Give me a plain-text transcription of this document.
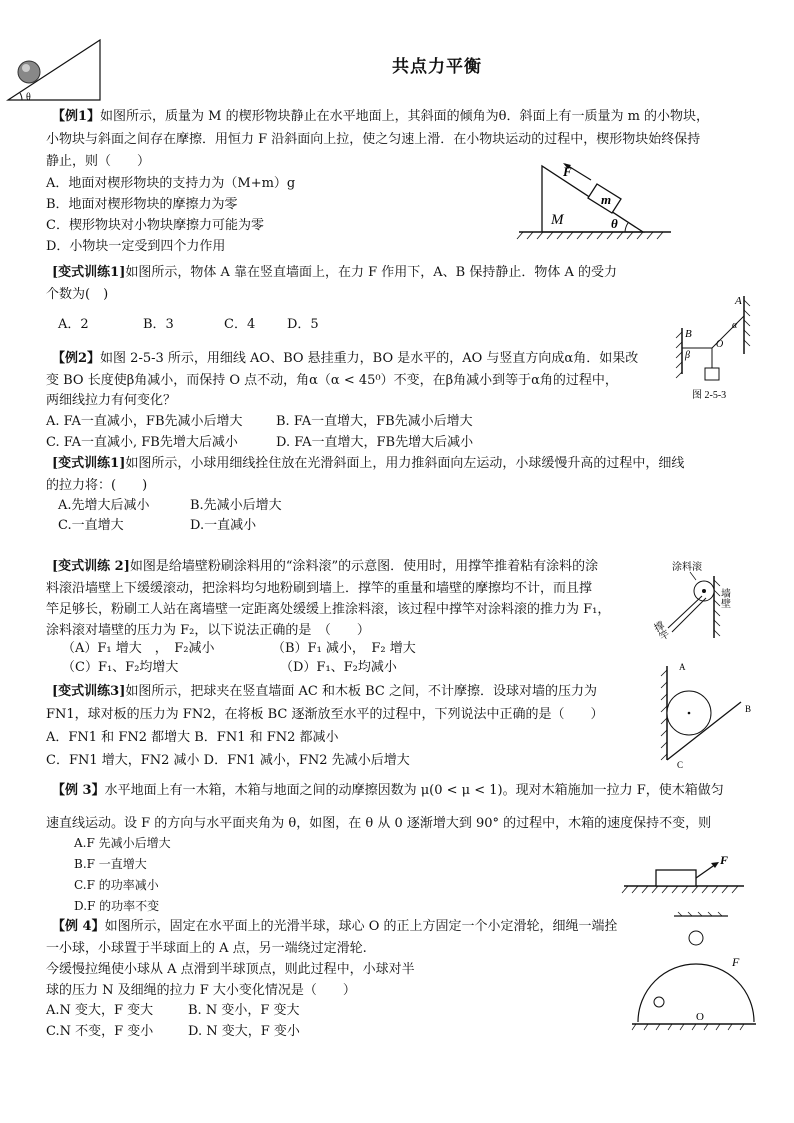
θ
共点力平衡
【例1】如图所示，质量为 M 的楔形物块静止在水平地面上，其斜面的倾角为θ．斜面上有一质量为 m 的小物块，
小物块与斜面之间存在摩擦．用恒力 F 沿斜面向上拉，使之匀速上滑．在小物块运动的过程中，楔形物块始终保持
静止，则（　　）
A．地面对楔形物块的支持力为（M+m）g
B．地面对楔形物块的摩擦力为零
C．楔形物块对小物块摩擦力可能为零
D．小物块一定受到四个力作用
F
m
M	θ
[变式训练1]如图所示，物体 A 靠在竖直墙面上，在力 F 作用下，A、B 保持静止．物体 A 的受力
个数为(　)
A．2	B．3	C．4 D．5
A
B
α
β
O
图 2-5-3
【例2】如图 2-5-3 所示，用细线 AO、BO 悬挂重力，BO 是水平的，AO 与竖直方向成α角．如果改
变 BO 长度使β角减小，而保持 O 点不动，角α（α < 45⁰）不变，在β角减小到等于α角的过程中，
两细线拉力有何变化？
A. FA一直减小，FB先减小后增大	B. FA一直增大，FB先减小后增大
C. FA一直减小, FB先增大后减小	D. FA一直增大，FB先增大后减小
[变式训练1]如图所示，小球用细线拴住放在光滑斜面上，用力推斜面向左运动，小球缓慢升高的过程中，细线
的拉力将：(　　)
A.先增大后减小	B.先减小后增大
C.一直增大	D.一直减小
[变式训练 2]如图是给墙壁粉刷涂料用的“涂料滚”的示意图．使用时，用撑竿推着粘有涂料的涂
料滚沿墙壁上下缓缓滚动，把涂料均匀地粉刷到墙上．撑竿的重量和墙壁的摩擦均不计，而且撑
竿足够长，粉刷工人站在离墙壁一定距离处缓缓上推涂料滚，该过程中撑竿对涂料滚的推力为 F₁，
涂料滚对墙壁的压力为 F₂，以下说法正确的是　（　　）
（A）F₁ 增大　，　F₂减小	（B）F₁ 减小，　F₂ 增大
（C）F₁、F₂均增大	（D）F₁、F₂均减小
涂料滚
墙壁
撑竿
[变式训练3]如图所示，把球夹在竖直墙面 AC 和木板 BC 之间，不计摩擦．设球对墙的压力为
FN1，球对板的压力为 FN2，在将板 BC 逐渐放至水平的过程中，下列说法中正确的是（　　）
A．FN1 和 FN2 都增大 B．FN1 和 FN2 都减小
C．FN1 增大，FN2 减小 D．FN1 减小，FN2 先减小后增大
A
B
C
【例 3】水平地面上有一木箱，木箱与地面之间的动摩擦因数为 μ(0 < μ < 1)。现对木箱施加一拉力 F，使木箱做匀
速直线运动。设 F 的方向与水平面夹角为 θ，如图，在 θ 从 0 逐渐增大到 90° 的过程中，木箱的速度保持不变，则
A.F 先减小后增大
B.F 一直增大
C.F 的功率减小
D.F 的功率不变
F
【例 4】如图所示，固定在水平面上的光滑半球，球心 O 的正上方固定一个小定滑轮，细绳一端拴
一小球，小球置于半球面上的 A 点，另一端绕过定滑轮.
今缓慢拉绳使小球从 A 点滑到半球顶点，则此过程中，小球对半
球的压力 N 及细绳的拉力 F 大小变化情况是（　　）
A.N 变大，F 变大	B. N 变小，F 变大
C.N 不变，F 变小	D. N 变大，F 变小
F
O
